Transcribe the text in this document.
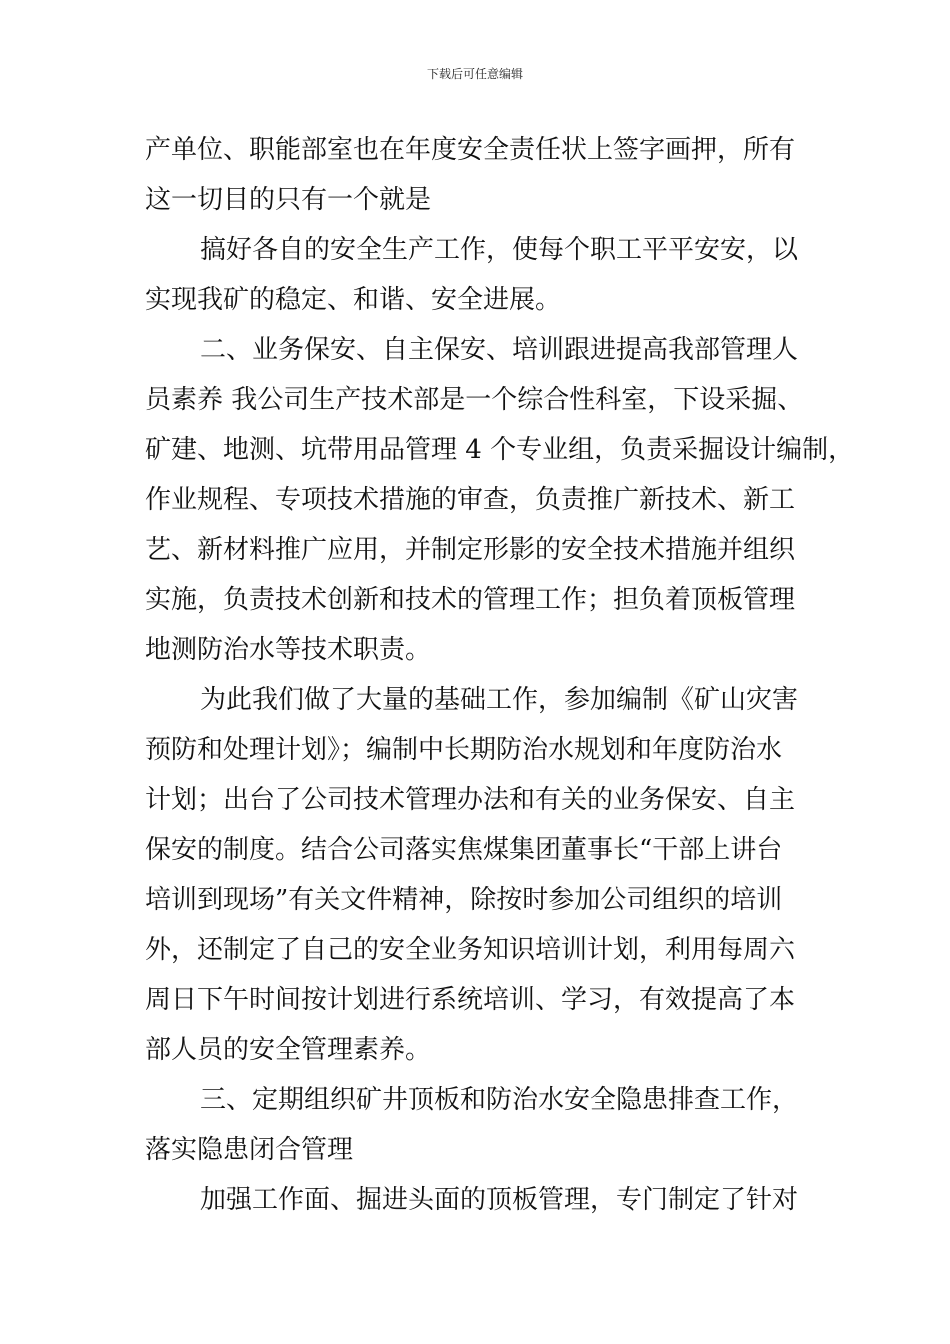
下载后可任意编辑
产单位、职能部室也在年度安全责任状上签字画押，所有
这一切目的只有一个就是
搞好各自的安全生产工作，使每个职工平平安安，以
实现我矿的稳定、和谐、安全进展。
二、业务保安、自主保安、培训跟进提高我部管理人
员素养 我公司生产技术部是一个综合性科室，下设采掘、
矿建、地测、坑带用品管理 4 个专业组，负责采掘设计编制，
作业规程、专项技术措施的审查，负责推广新技术、新工
艺、新材料推广应用，并制定形影的安全技术措施并组织
实施，负责技术创新和技术的管理工作；担负着顶板管理
地测防治水等技术职责。
为此我们做了大量的基础工作，参加编制《矿山灾害
预防和处理计划》；编制中长期防治水规划和年度防治水
计划；出台了公司技术管理办法和有关的业务保安、自主
保安的制度。结合公司落实焦煤集团董事长“干部上讲台
培训到现场”有关文件精神，除按时参加公司组织的培训
外，还制定了自己的安全业务知识培训计划，利用每周六
周日下午时间按计划进行系统培训、学习，有效提高了本
部人员的安全管理素养。
三、定期组织矿井顶板和防治水安全隐患排查工作，
落实隐患闭合管理
加强工作面、掘进头面的顶板管理，专门制定了针对
